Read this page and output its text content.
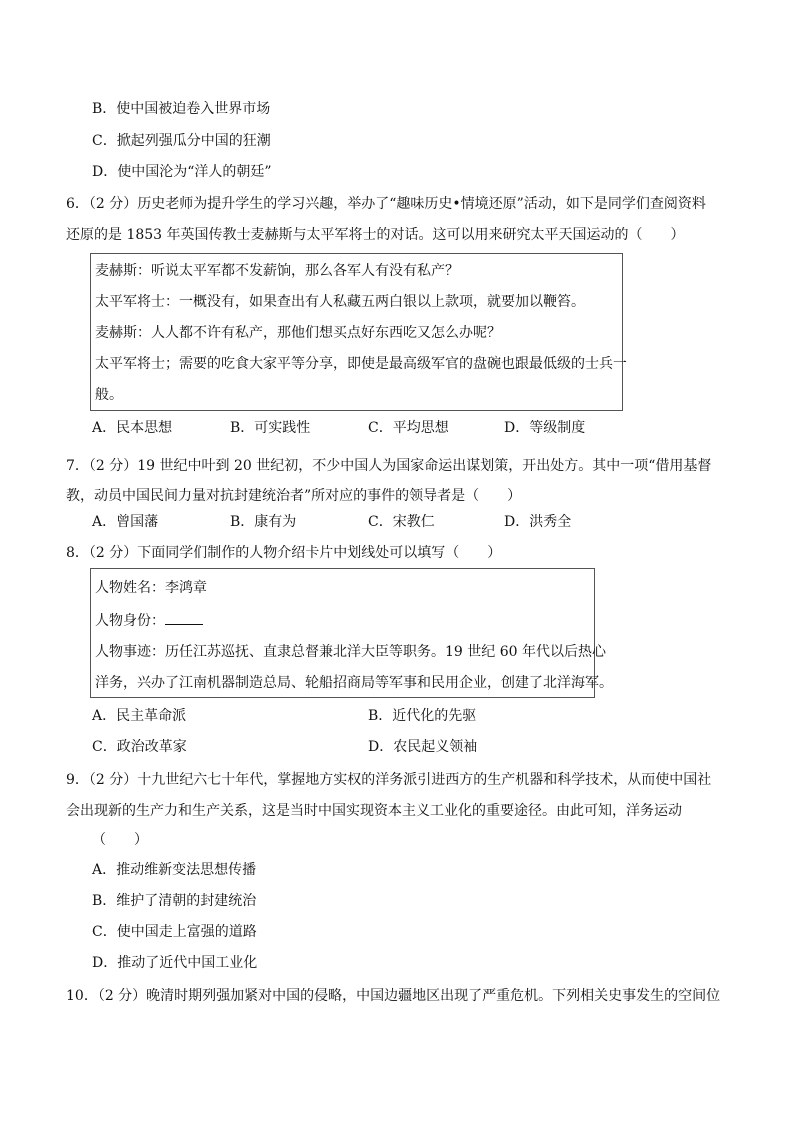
B．使中国被迫卷入世界市场
C．掀起列强瓜分中国的狂潮
D．使中国沦为“洋人的朝廷”
6．（2 分）历史老师为提升学生的学习兴趣，举办了“趣味历史•情境还原”活动，如下是同学们查阅资料
还原的是 1853 年英国传教士麦赫斯与太平军将士的对话。这可以用来研究太平天国运动的（　　）
麦赫斯：听说太平军都不发薪饷，那么各军人有没有私产？
太平军将士：一概没有，如果查出有人私藏五两白银以上款项，就要加以鞭笞。
麦赫斯：人人都不许有私产，那他们想买点好东西吃又怎么办呢？
太平军将士；需要的吃食大家平等分享，即使是最高级军官的盘碗也跟最低级的士兵一
般。
A．民本思想	B．可实践性	C．平均思想	D．等级制度
7．（2 分）19 世纪中叶到 20 世纪初，不少中国人为国家命运出谋划策，开出处方。其中一项“借用基督
教，动员中国民间力量对抗封建统治者”所对应的事件的领导者是（　　）
A．曾国藩	B．康有为	C．宋教仁	D．洪秀全
8．（2 分）下面同学们制作的人物介绍卡片中划线处可以填写（　　）
人物姓名：李鸿章
人物身份：
人物事迹：历任江苏巡抚、直隶总督兼北洋大臣等职务。19 世纪 60 年代以后热心
洋务，兴办了江南机器制造总局、轮船招商局等军事和民用企业，创建了北洋海军。
A．民主革命派	B．近代化的先驱
C．政治改革家	D．农民起义领袖
9．（2 分）十九世纪六七十年代，掌握地方实权的洋务派引进西方的生产机器和科学技术，从而使中国社
会出现新的生产力和生产关系，这是当时中国实现资本主义工业化的重要途径。由此可知，洋务运动
（　　）
A．推动维新变法思想传播
B．维护了清朝的封建统治
C．使中国走上富强的道路
D．推动了近代中国工业化
10．（2 分）晚清时期列强加紧对中国的侵略，中国边疆地区出现了严重危机。下列相关史事发生的空间位
